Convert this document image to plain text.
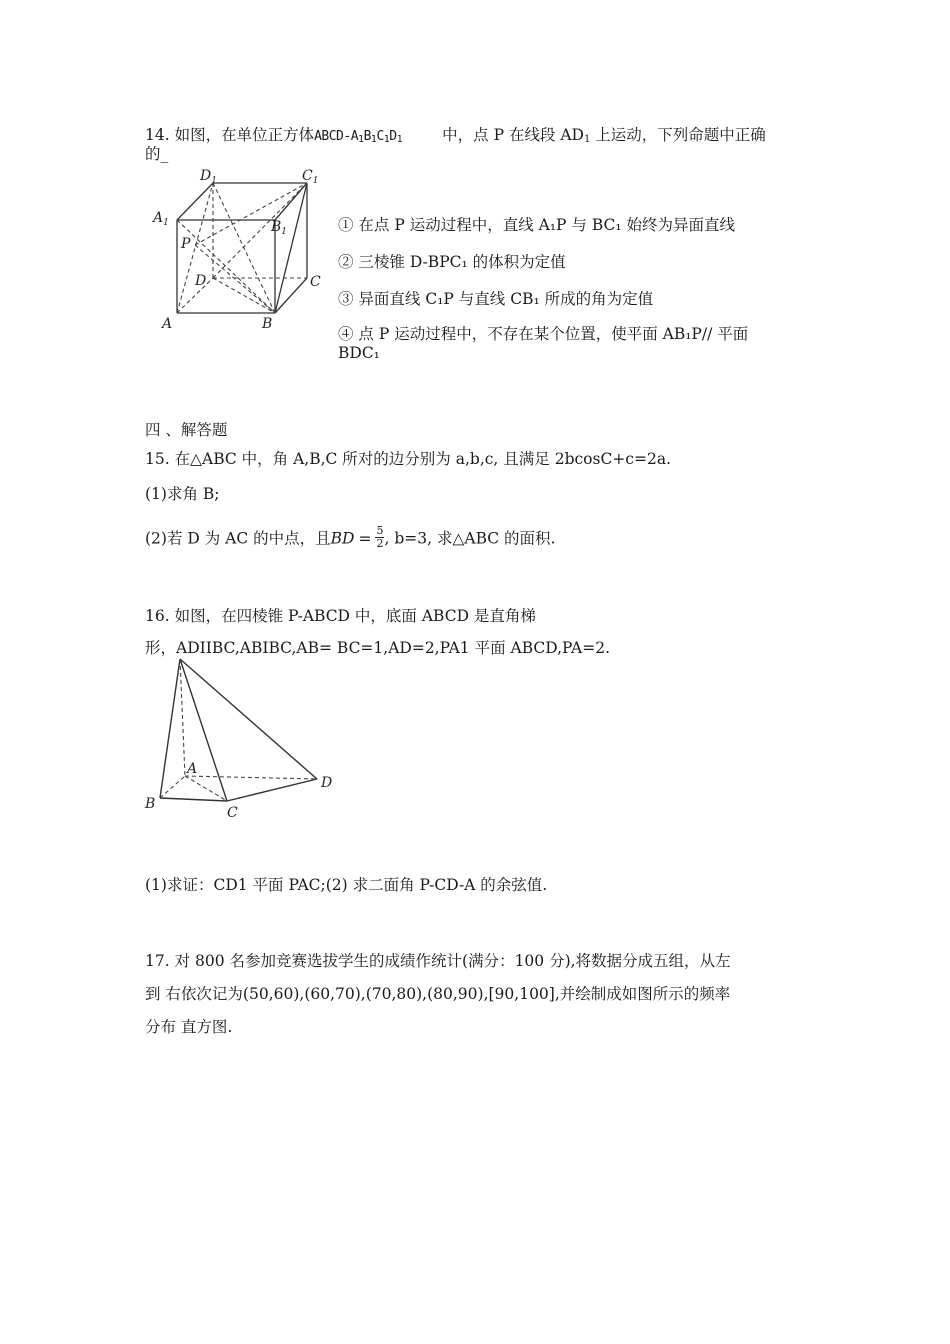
14. 如图，在单位正方体ABCD-$A_1B_1C_1D_1$	中，点 P 在线段 $AD_1$ 上运动，下列命题中正确
的_
$D_1$	$C_1$
$A_1$	$B_1$
P
D	C
A	B
① 在点 P 运动过程中，直线 A₁P 与 BC₁ 始终为异面直线
② 三棱锥 D-BPC₁ 的体积为定值
③ 异面直线 C₁P 与直线 CB₁ 所成的角为定值
④ 点 P 运动过程中，不存在某个位置，使平面 AB₁P// 平面
BDC₁
四 、解答题
15. 在△ABC 中，角 A,B,C 所对的边分别为 a,b,c, 且满足 2bcosC+c=2a.
(1)求角 B;
(2)若 D 为 AC 的中点，且BD = $\frac{5}{2}$ , b=3, 求△ABC 的面积.
16. 如图，在四棱锥 P-ABCD 中，底面 ABCD 是直角梯
形，ADIIBC,ABIBC,AB= BC=1,AD=2,PA1 平面 ABCD,PA=2.
A
B
C
D
(1)求证：CD1 平面 PAC;(2) 求二面角 P-CD-A 的余弦值.
17. 对 800 名参加竞赛选拔学生的成绩作统计(满分：100 分),将数据分成五组，从左
到 右依次记为(50,60),(60,70),(70,80),(80,90),[90,100],并绘制成如图所示的频率
分布 直方图.
